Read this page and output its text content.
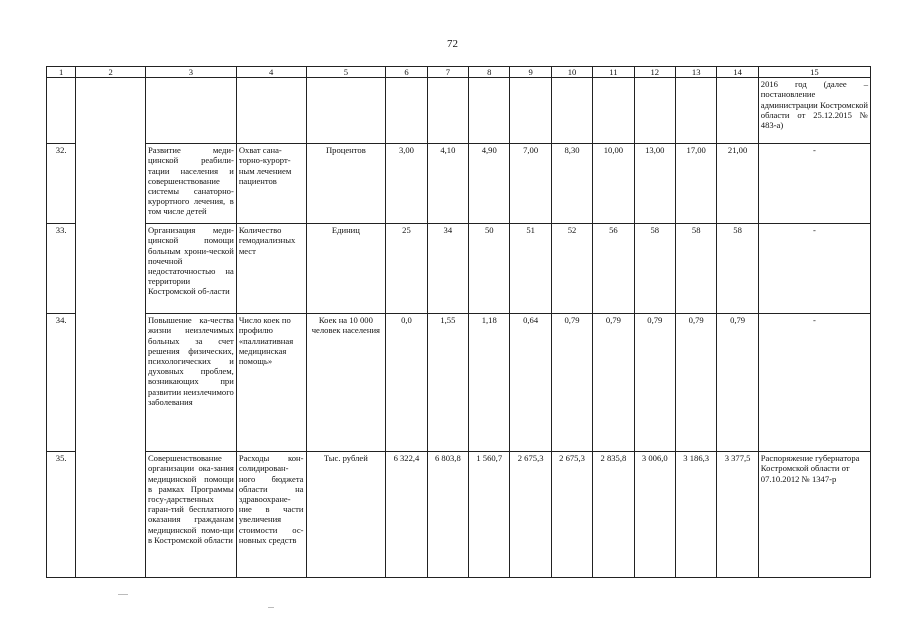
72
1	2	3	4	5	6	7	8	9	10	11	12	13	14	15
														2016 год (далее – постановление администрации Костромской области от 25.12.2015 № 483-а)
32.		Развитие меди-цинской реабили-тации населения и совершенствование системы санаторно-курортного лечения, в том числе детей	Охват сана-торно-курорт-ным лечением пациентов	Процентов	3,00	4,10	4,90	7,00	8,30	10,00	13,00	17,00	21,00	-
33.		Организация меди-цинской помощи больным хрони-ческой почечной недостаточностью на территории Костромской об-ласти	Количество гемодиализных мест	Единиц	25	34	50	51	52	56	58	58	58	-
34.		Повышение ка-чества жизни неизлечимых больных за счет решения физических, психологических и духовных проблем, возникающих при развитии неизлечимого заболевания	Число коек по профилю «паллиативная медицинская помощь»	Коек на 10 000 человек населения	0,0	1,55	1,18	0,64	0,79	0,79	0,79	0,79	0,79	-
35.		Совершенствование организации ока-зания медицинской помощи в рамках Программы госу-дарственных гаран-тий бесплатного оказания гражданам медицинской помо-щи в Костромской области	Расходы кон-солидирован-ного бюджета области на здравоохране-ние в части увеличения стоимости ос-новных средств	Тыс. рублей	6 322,4	6 803,8	1 560,7	2 675,3	2 675,3	2 835,8	3 006,0	3 186,3	3 377,5	Распоряжение губернатора Костромской области от 07.10.2012 № 1347-р
